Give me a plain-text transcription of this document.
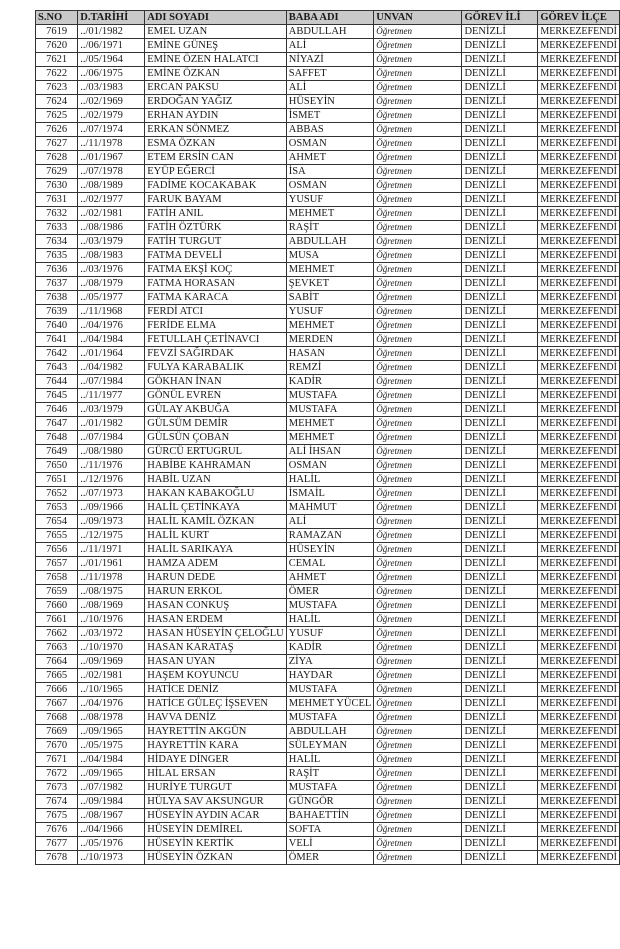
S.NO	D.TARİHİ	ADI SOYADI	BABA ADI	UNVAN	GÖREV İLİ	GÖREV İLÇE
7619	../01/1982	EMEL UZAN	ABDULLAH	Öğretmen	DENİZLİ	MERKEZEFENDİ
7620	../06/1971	EMİNE GÜNEŞ	ALİ	Öğretmen	DENİZLİ	MERKEZEFENDİ
7621	../05/1964	EMİNE ÖZEN HALATCI	NİYAZİ	Öğretmen	DENİZLİ	MERKEZEFENDİ
7622	../06/1975	EMİNE ÖZKAN	SAFFET	Öğretmen	DENİZLİ	MERKEZEFENDİ
7623	../03/1983	ERCAN PAKSU	ALİ	Öğretmen	DENİZLİ	MERKEZEFENDİ
7624	../02/1969	ERDOĞAN YAĞIZ	HÜSEYİN	Öğretmen	DENİZLİ	MERKEZEFENDİ
7625	../02/1979	ERHAN AYDIN	İSMET	Öğretmen	DENİZLİ	MERKEZEFENDİ
7626	../07/1974	ERKAN SÖNMEZ	ABBAS	Öğretmen	DENİZLİ	MERKEZEFENDİ
7627	../11/1978	ESMA ÖZKAN	OSMAN	Öğretmen	DENİZLİ	MERKEZEFENDİ
7628	../01/1967	ETEM ERSİN CAN	AHMET	Öğretmen	DENİZLİ	MERKEZEFENDİ
7629	../07/1978	EYÜP EĞERCİ	İSA	Öğretmen	DENİZLİ	MERKEZEFENDİ
7630	../08/1989	FADİME KOCAKABAK	OSMAN	Öğretmen	DENİZLİ	MERKEZEFENDİ
7631	../02/1977	FARUK BAYAM	YUSUF	Öğretmen	DENİZLİ	MERKEZEFENDİ
7632	../02/1981	FATİH ANIL	MEHMET	Öğretmen	DENİZLİ	MERKEZEFENDİ
7633	../08/1986	FATİH ÖZTÜRK	RAŞİT	Öğretmen	DENİZLİ	MERKEZEFENDİ
7634	../03/1979	FATİH TURGUT	ABDULLAH	Öğretmen	DENİZLİ	MERKEZEFENDİ
7635	../08/1983	FATMA DEVELİ	MUSA	Öğretmen	DENİZLİ	MERKEZEFENDİ
7636	../03/1976	FATMA EKŞİ KOÇ	MEHMET	Öğretmen	DENİZLİ	MERKEZEFENDİ
7637	../08/1979	FATMA HORASAN	ŞEVKET	Öğretmen	DENİZLİ	MERKEZEFENDİ
7638	../05/1977	FATMA KARACA	SABİT	Öğretmen	DENİZLİ	MERKEZEFENDİ
7639	../11/1968	FERDİ ATCI	YUSUF	Öğretmen	DENİZLİ	MERKEZEFENDİ
7640	../04/1976	FERİDE ELMA	MEHMET	Öğretmen	DENİZLİ	MERKEZEFENDİ
7641	../04/1984	FETULLAH ÇETİNAVCI	MERDEN	Öğretmen	DENİZLİ	MERKEZEFENDİ
7642	../01/1964	FEVZİ SAĞIRDAK	HASAN	Öğretmen	DENİZLİ	MERKEZEFENDİ
7643	../04/1982	FULYA KARABALIK	REMZİ	Öğretmen	DENİZLİ	MERKEZEFENDİ
7644	../07/1984	GÖKHAN İNAN	KADİR	Öğretmen	DENİZLİ	MERKEZEFENDİ
7645	../11/1977	GÖNÜL EVREN	MUSTAFA	Öğretmen	DENİZLİ	MERKEZEFENDİ
7646	../03/1979	GÜLAY AKBUĞA	MUSTAFA	Öğretmen	DENİZLİ	MERKEZEFENDİ
7647	../01/1982	GÜLSÜM DEMİR	MEHMET	Öğretmen	DENİZLİ	MERKEZEFENDİ
7648	../07/1984	GÜLSÜN ÇOBAN	MEHMET	Öğretmen	DENİZLİ	MERKEZEFENDİ
7649	../08/1980	GÜRCÜ ERTUGRUL	ALİ İHSAN	Öğretmen	DENİZLİ	MERKEZEFENDİ
7650	../11/1976	HABİBE KAHRAMAN	OSMAN	Öğretmen	DENİZLİ	MERKEZEFENDİ
7651	../12/1976	HABİL UZAN	HALİL	Öğretmen	DENİZLİ	MERKEZEFENDİ
7652	../07/1973	HAKAN KABAKOĞLU	İSMAİL	Öğretmen	DENİZLİ	MERKEZEFENDİ
7653	../09/1966	HALİL ÇETİNKAYA	MAHMUT	Öğretmen	DENİZLİ	MERKEZEFENDİ
7654	../09/1973	HALİL KAMİL ÖZKAN	ALİ	Öğretmen	DENİZLİ	MERKEZEFENDİ
7655	../12/1975	HALİL KURT	RAMAZAN	Öğretmen	DENİZLİ	MERKEZEFENDİ
7656	../11/1971	HALİL SARIKAYA	HÜSEYİN	Öğretmen	DENİZLİ	MERKEZEFENDİ
7657	../01/1961	HAMZA ADEM	CEMAL	Öğretmen	DENİZLİ	MERKEZEFENDİ
7658	../11/1978	HARUN DEDE	AHMET	Öğretmen	DENİZLİ	MERKEZEFENDİ
7659	../08/1975	HARUN ERKOL	ÖMER	Öğretmen	DENİZLİ	MERKEZEFENDİ
7660	../08/1969	HASAN CONKUŞ	MUSTAFA	Öğretmen	DENİZLİ	MERKEZEFENDİ
7661	../10/1976	HASAN ERDEM	HALİL	Öğretmen	DENİZLİ	MERKEZEFENDİ
7662	../03/1972	HASAN HÜSEYİN ÇELOĞLU	YUSUF	Öğretmen	DENİZLİ	MERKEZEFENDİ
7663	../10/1970	HASAN KARATAŞ	KADİR	Öğretmen	DENİZLİ	MERKEZEFENDİ
7664	../09/1969	HASAN UYAN	ZİYA	Öğretmen	DENİZLİ	MERKEZEFENDİ
7665	../02/1981	HAŞEM KOYUNCU	HAYDAR	Öğretmen	DENİZLİ	MERKEZEFENDİ
7666	../10/1965	HATİCE DENİZ	MUSTAFA	Öğretmen	DENİZLİ	MERKEZEFENDİ
7667	../04/1976	HATİCE GÜLEÇ İŞSEVEN	MEHMET YÜCEL	Öğretmen	DENİZLİ	MERKEZEFENDİ
7668	../08/1978	HAVVA DENİZ	MUSTAFA	Öğretmen	DENİZLİ	MERKEZEFENDİ
7669	../09/1965	HAYRETTİN AKGÜN	ABDULLAH	Öğretmen	DENİZLİ	MERKEZEFENDİ
7670	../05/1975	HAYRETTİN KARA	SÜLEYMAN	Öğretmen	DENİZLİ	MERKEZEFENDİ
7671	../04/1984	HİDAYE DİNGER	HALİL	Öğretmen	DENİZLİ	MERKEZEFENDİ
7672	../09/1965	HİLAL ERSAN	RAŞİT	Öğretmen	DENİZLİ	MERKEZEFENDİ
7673	../07/1982	HURİYE TURGUT	MUSTAFA	Öğretmen	DENİZLİ	MERKEZEFENDİ
7674	../09/1984	HÜLYA SAV AKSUNGUR	GÜNGÖR	Öğretmen	DENİZLİ	MERKEZEFENDİ
7675	../08/1967	HÜSEYİN AYDIN ACAR	BAHAETTİN	Öğretmen	DENİZLİ	MERKEZEFENDİ
7676	../04/1966	HÜSEYİN DEMİREL	SOFTA	Öğretmen	DENİZLİ	MERKEZEFENDİ
7677	../05/1976	HÜSEYİN KERTİK	VELİ	Öğretmen	DENİZLİ	MERKEZEFENDİ
7678	../10/1973	HÜSEYİN ÖZKAN	ÖMER	Öğretmen	DENİZLİ	MERKEZEFENDİ
